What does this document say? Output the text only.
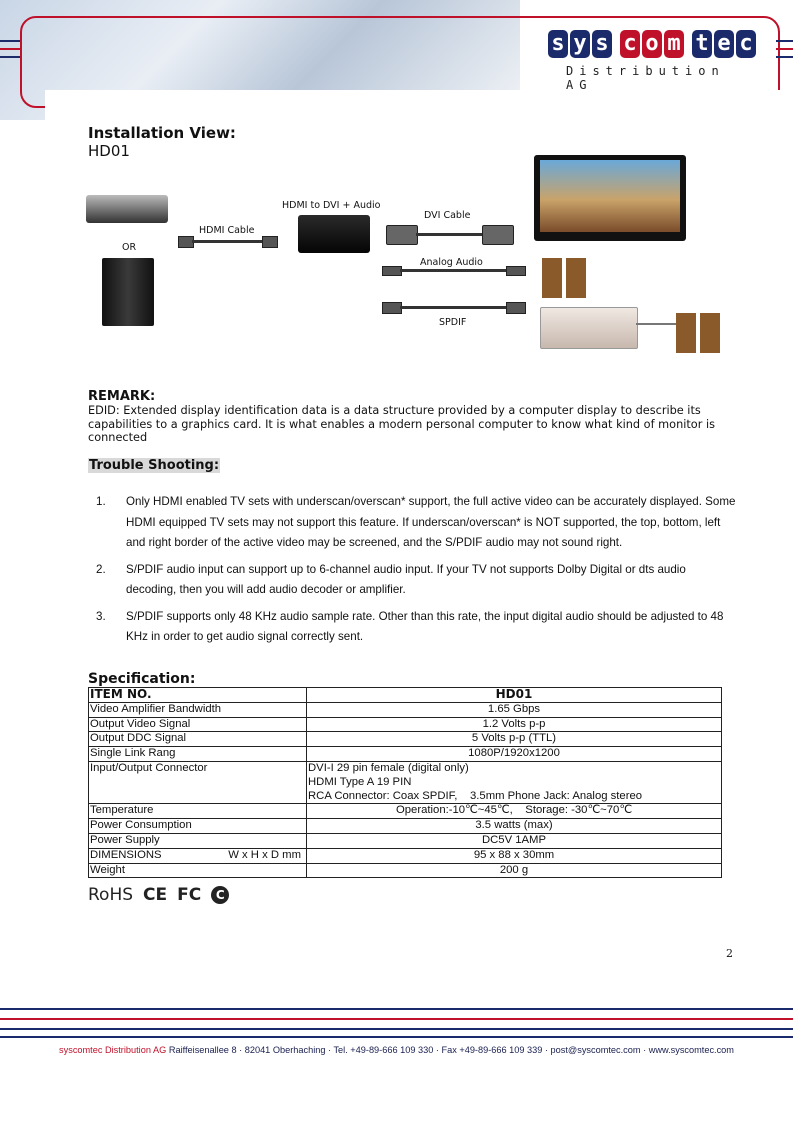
s y s c o m t e c
Distribution AG
Installation View:
HD01
OR
HDMI Cable
HDMI to DVI + Audio
DVI Cable
Analog Audio
SPDIF
REMARK:
EDID: Extended display identification data is a data structure provided by a computer display to describe its capabilities to a graphics card. It is what enables a modern personal computer to know what kind of monitor is connected
Trouble Shooting:
1. Only HDMI enabled TV sets with underscan/overscan* support, the full active video can be accurately displayed. Some HDMI equipped TV sets may not support this feature. If underscan/overscan* is NOT supported, the top, bottom, left and right border of the active video may be screened, and the S/PDIF audio may not sound right.
2. S/PDIF audio input can support up to 6-channel audio input. If your TV not supports Dolby Digital or dts audio decoding, then you will add audio decoder or amplifier.
3. S/PDIF supports only 48 KHz audio sample rate. Other than this rate, the input digital audio should be adjusted to 48 KHz in order to get audio signal correctly sent.
Specification:
ITEM NO.	HD01
Video Amplifier Bandwidth	1.65 Gbps
Output Video Signal	1.2 Volts p-p
Output DDC Signal	5 Volts p-p (TTL)
Single Link Rang	1080P/1920x1200
Input/Output Connector	DVI-I 29 pin female (digital only)
HDMI Type A 19 PIN
RCA Connector: Coax SPDIF,    3.5mm Phone Jack: Analog stereo

Temperature	Operation:-10℃~45℃,    Storage: -30℃~70℃
Power Consumption	3.5 watts (max)
Power Supply	DC5V 1AMP

DIMENSIONS W x H x D mm	95 x 88 x 30mm
Weight	200 g
RoHS CE FC	C
2
syscomtec Distribution AG Raiffeisenallee 8 · 82041 Oberhaching · Tel. +49-89-666 109 330 · Fax +49-89-666 109 339 · post@syscomtec.com · www.syscomtec.com
